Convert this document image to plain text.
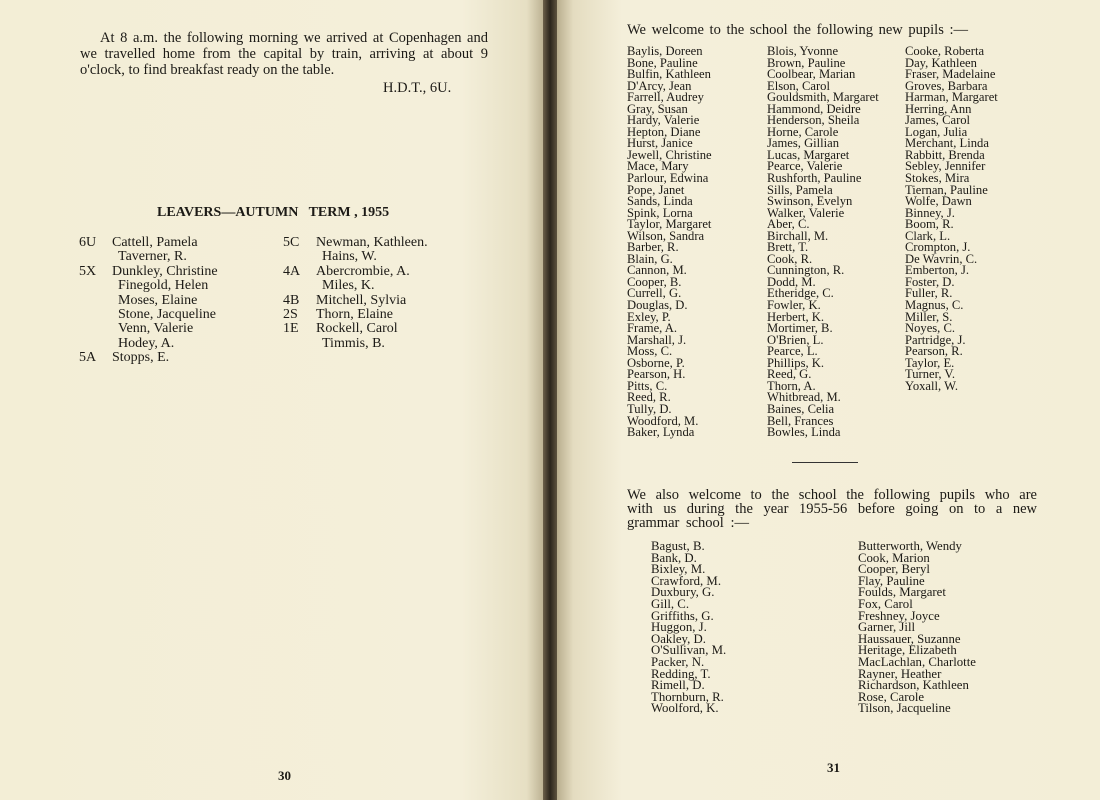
At 8 a.m. the following morning we arrived at Copenhagen and we travelled home from the capital by train, arriving at about 9 o'clock, to find breakfast ready on the table.
H.D.T., 6U.
LEAVERS—AUTUMN   TERM , 1955
6U	Cattell, Pamela
Taverner, R.
5X	Dunkley, Christine
Finegold, Helen
Moses, Elaine
Stone, Jacqueline
Venn, Valerie
Hodey, A.
5A	Stopps, E.
5C	Newman, Kathleen.
Hains, W.
4A	Abercrombie, A.
Miles, K.
4B	Mitchell, Sylvia
2S	Thorn, Elaine
1E	Rockell, Carol
Timmis, B.
30
We welcome to the school the following new pupils :—
Baylis, Doreen
Bone, Pauline
Bulfin, Kathleen
D'Arcy, Jean
Farrell, Audrey
Gray, Susan
Hardy, Valerie
Hepton, Diane
Hurst, Janice
Jewell, Christine
Mace, Mary
Parlour, Edwina
Pope, Janet
Sands, Linda
Spink, Lorna
Taylor, Margaret
Wilson, Sandra
Barber, R.
Blain, G.
Cannon, M.
Cooper, B.
Currell, G.
Douglas, D.
Exley, P.
Frame, A.
Marshall, J.
Moss, C.
Osborne, P.
Pearson, H.
Pitts, C.
Reed, R.
Tully, D.
Woodford, M.
Baker, Lynda
Blois, Yvonne
Brown, Pauline
Coolbear, Marian
Elson, Carol
Gouldsmith, Margaret
Hammond, Deidre
Henderson, Sheila
Horne, Carole
James, Gillian
Lucas, Margaret
Pearce, Valerie
Rushforth, Pauline
Sills, Pamela
Swinson, Evelyn
Walker, Valerie
Aber, C.
Birchall, M.
Brett, T.
Cook, R.
Cunnington, R.
Dodd, M.
Etheridge, C.
Fowler, K.
Herbert, K.
Mortimer, B.
O'Brien, L.
Pearce, L.
Phillips, K.
Reed, G.
Thorn, A.
Whitbread, M.
Baines, Celia
Bell, Frances
Bowles, Linda
Cooke, Roberta
Day, Kathleen
Fraser, Madelaine
Groves, Barbara
Harman, Margaret
Herring, Ann
James, Carol
Logan, Julia
Merchant, Linda
Rabbitt, Brenda
Sebley, Jennifer
Stokes, Mira
Tiernan, Pauline
Wolfe, Dawn
Binney, J.
Boom, R.
Clark, L.
Crompton, J.
De Wavrin, C.
Emberton, J.
Foster, D.
Fuller, R.
Magnus, C.
Miller, S.
Noyes, C.
Partridge, J.
Pearson, R.
Taylor, E.
Turner, V.
Yoxall, W.
We also welcome to the school the following pupils who are with us during the year 1955-56 before going on to a new grammar school :—
Bagust, B.
Bank, D.
Bixley, M.
Crawford, M.
Duxbury, G.
Gill, C.
Griffiths, G.
Huggon, J.
Oakley, D.
O'Sullivan, M.
Packer, N.
Redding, T.
Rimell, D.
Thornburn, R.
Woolford, K.
Butterworth, Wendy
Cook, Marion
Cooper, Beryl
Flay, Pauline
Foulds, Margaret
Fox, Carol
Freshney, Joyce
Garner, Jill
Haussauer, Suzanne
Heritage, Elizabeth
MacLachlan, Charlotte
Rayner, Heather
Richardson, Kathleen
Rose, Carole
Tilson, Jacqueline
31
